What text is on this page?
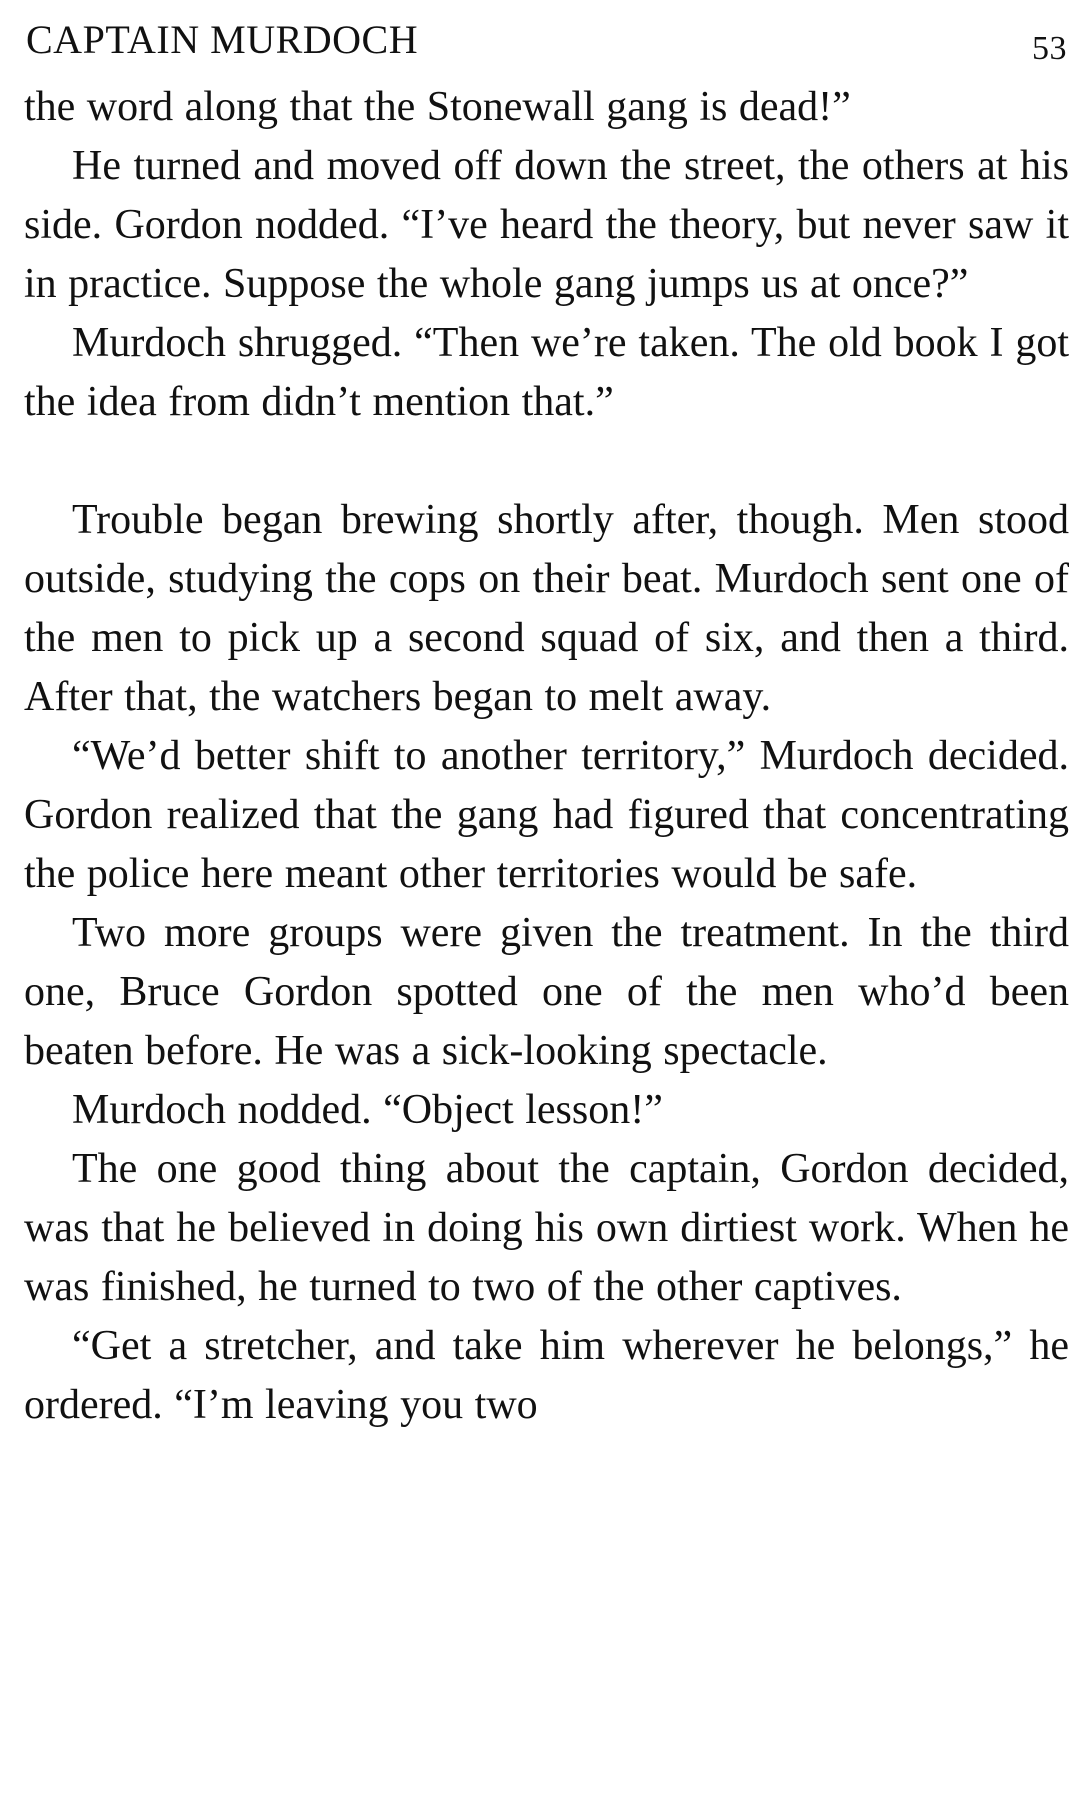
CAPTAIN MURDOCH	53

the word along that the Stonewall gang is dead!”

He turned and moved off down the street, the others at his side. Gordon nodded. “I’ve heard the theory, but never saw it in practice. Suppose the whole gang jumps us at once?”

Murdoch shrugged. “Then we’re taken. The old book I got the idea from didn’t mention that.”

Trouble began brewing shortly after, though. Men stood outside, studying the cops on their beat. Murdoch sent one of the men to pick up a second squad of six, and then a third. After that, the watchers began to melt away.

“We’d better shift to another territory,” Murdoch decided. Gordon realized that the gang had figured that concentrating the police here meant other territories would be safe.

Two more groups were given the treatment. In the third one, Bruce Gordon spotted one of the men who’d been beaten before. He was a sick-looking spectacle.

Murdoch nodded. “Object lesson!”

The one good thing about the captain, Gordon decided, was that he believed in doing his own dirtiest work. When he was finished, he turned to two of the other captives.

“Get a stretcher, and take him wherever he belongs,” he ordered. “I’m leaving you two
